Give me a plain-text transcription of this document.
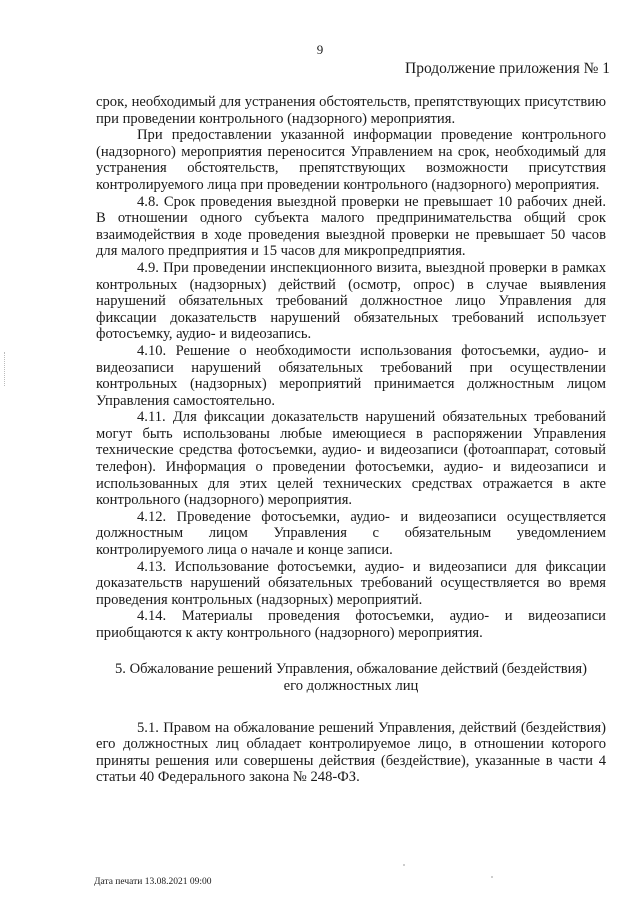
9
Продолжение приложения № 1

срок, необходимый для устранения обстоятельств, препятствующих присутствию при проведении контрольного (надзорного) мероприятия.

При предоставлении указанной информации проведение контрольного (надзорного) мероприятия переносится Управлением на срок, необходимый для устранения обстоятельств, препятствующих возможности присутствия контролируемого лица при проведении контрольного (надзорного) мероприятия.

4.8. Срок проведения выездной проверки не превышает 10 рабочих дней. В отношении одного субъекта малого предпринимательства общий срок взаимодействия в ходе проведения выездной проверки не превышает 50 часов для малого предприятия и 15 часов для микропредприятия.

4.9. При проведении инспекционного визита, выездной проверки в рамках контрольных (надзорных) действий (осмотр, опрос) в случае выявления нарушений обязательных требований должностное лицо Управления для фиксации доказательств нарушений обязательных требований использует фотосъемку, аудио- и видеозапись.

4.10. Решение о необходимости использования фотосъемки, аудио- и видеозаписи нарушений обязательных требований при осуществлении контрольных (надзорных) мероприятий принимается должностным лицом Управления самостоятельно.

4.11. Для фиксации доказательств нарушений обязательных требований могут быть использованы любые имеющиеся в распоряжении Управления технические средства фотосъемки, аудио- и видеозаписи (фотоаппарат, сотовый телефон). Информация о проведении фотосъемки, аудио- и видеозаписи и использованных для этих целей технических средствах отражается в акте контрольного (надзорного) мероприятия.

4.12. Проведение фотосъемки, аудио- и видеозаписи осуществляется должностным лицом Управления с обязательным уведомлением контролируемого лица о начале и конце записи.

4.13. Использование фотосъемки, аудио- и видеозаписи для фиксации доказательств нарушений обязательных требований осуществляется во время проведения контрольных (надзорных) мероприятий.

4.14. Материалы проведения фотосъемки, аудио- и видеозаписи приобщаются к акту контрольного (надзорного) мероприятия.

5. Обжалование решений Управления, обжалование действий (бездействия)
его должностных лиц

5.1. Правом на обжалование решений Управления, действий (бездействия) его должностных лиц обладает контролируемое лицо, в отношении которого приняты решения или совершены действия (бездействие), указанные в части 4 статьи 40 Федерального закона № 248-ФЗ.

Дата печати 13.08.2021 09:00
